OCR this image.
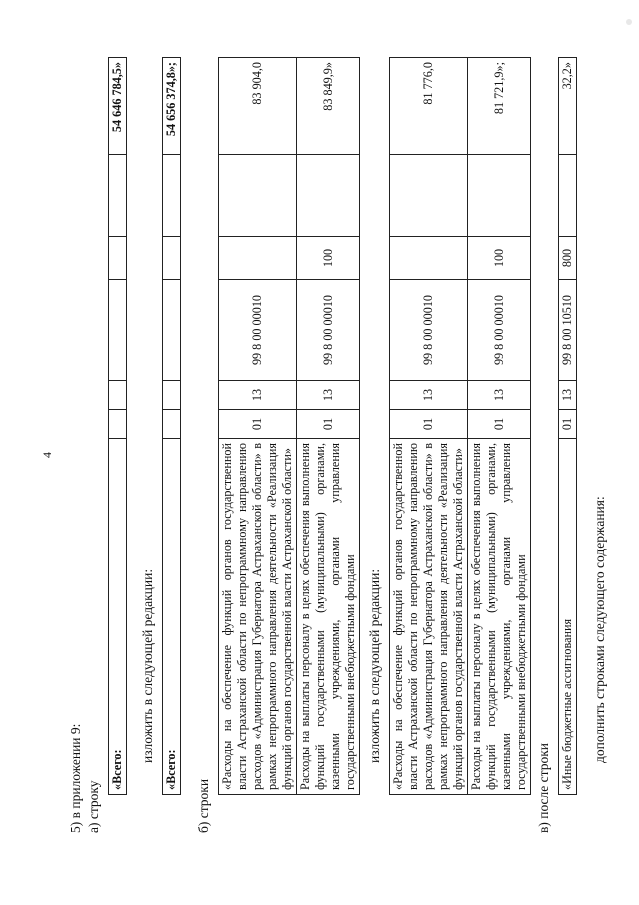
4
5) в приложении 9: а) строку
«Всего:						54 646 784,5»
изложить в следующей редакции:
«Всего:						54 656 374,8»;
б) строки
«Расходы на обеспечение функций органов государственной власти Астраханской области по непрограммному направлению расходов «Администрация Губернатора Астраханской области» в рамках непрограммного направления деятельности «Реализация функций органов государственной власти Астраханской области»	01	13	99 8 00 00010			83 904,0
Расходы на выплаты персоналу в целях обеспечения выполнения функций государственными (муниципальными) органами, казенными учреждениями, органами управления государственными внебюджетными фондами	01	13	99 8 00 00010	100		83 849,9»
изложить в следующей редакции: «Расходы на обеспечение функций органов государственной власти Астраханской области по непрограммному направлению расходов «Администрация Губернатора Астраханской области» в рамках непрограммного направления деятельности «Реализация функций органов государственной власти Астраханской области»	01	13	99 8 00 00010			81 776,0
Расходы на выплаты персоналу в целях обеспечения выполнения функций государственными (муниципальными) органами, казенными учреждениями, органами управления государственными внебюджетными фондами	01	13	99 8 00 00010	100		81 721,9»;
в) после строки «Иные бюджетные ассигнования	01	13	99 8 00 10510	800		32,2»
дополнить строками следующего содержания:
